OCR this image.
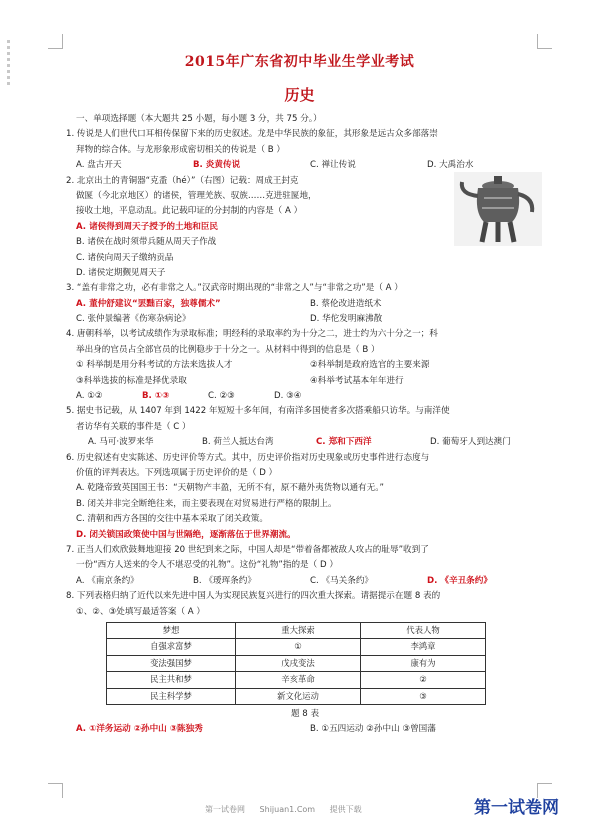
2015年广东省初中毕业生学业考试
历史
一、单项选择题（本大题共 25 小题，每小题 3 分，共 75 分。）
1. 传说是人们世代口耳相传保留下来的历史叙述。龙是中华民族的象征，其形象是远古众多部落崇
拜物的综合体。与龙形象形成密切相关的传说是（ B ）
A. 盘古开天	B. 炎黄传说	C. 禅让传说	D. 大禹治水
2. 北京出土的青铜器“克盉（hé）”（右图）记载：周成王封克
做匽（今北京地区）的诸侯，管理羌族、驭族……克进驻匽地，
接收土地，平息动乱。此记载印证的分封制的内容是（ A ）
A. 诸侯得到周天子授予的土地和臣民
B. 诸侯在战时须带兵随从周天子作战
C. 诸侯向周天子缴纳贡品
D. 诸侯定期觐见周天子
3. “盖有非常之功，必有非常之人。”汉武帝时期出现的“非常之人”与“非常之功”是（ A ）
A. 董仲舒建议“罢黜百家，独尊儒术”	B. 蔡伦改进造纸术
C. 张仲景编著《伤寒杂病论》	D. 华佗发明麻沸散
4. 唐朝科举，以考试成绩作为录取标准；明经科的录取率约为十分之二，进士约为六十分之一；科
举出身的官员占全部官员的比例稳步于十分之一。从材料中得到的信息是（ B ）
① 科举制是用分科考试的方法来选拔人才	②科举制是政府选官的主要来源
③科举选拔的标准是择优录取	④科举考试基本年年进行
A. ①②	B. ①③	C. ②③	D. ③④
5. 据史书记载，从 1407 年到 1422 年短短十多年间，有南洋多国使者多次搭乘船只访华。与南洋使
者访华有关联的事件是（ C ）
A. 马可·波罗来华	B. 荷兰人抵达台湾	C. 郑和下西洋	D. 葡萄牙人到达澳门
6. 历史叙述有史实陈述、历史评价等方式。其中，历史评价指对历史现象或历史事件进行态度与
价值的评判表达。下列选项属于历史评价的是（ D ）
A. 乾隆帝致英国国王书：“天朝物产丰盈，无所不有，原不藉外夷货物以通有无。”
B. 闭关并非完全断绝往来，而主要表现在对贸易进行严格的限制上。
C. 清朝和西方各国的交往中基本采取了闭关政策。
D. 闭关锁国政策使中国与世隔绝，逐渐落伍于世界潮流。
7. 正当人们欢欣鼓舞地迎接 20 世纪到来之际，中国人却是“带着备都被敌人攻占的耻辱”收到了
一份“西方人送来的令人不堪忍受的礼物”。这份“礼物”指的是（ D ）
A. 《南京条约》	B. 《瑷珲条约》	C. 《马关条约》	D. 《辛丑条约》
8. 下列表格归纳了近代以来先进中国人为实现民族复兴进行的四次重大探索。请据提示在题 8 表的
①、②、③处填写最适答案（ A ）
梦想	重大探索	代表人物
自强求富梦	①	李鸿章
变法强国梦	戊戌变法	康有为
民主共和梦	辛亥革命	②
民主科学梦	新文化运动	③
题 8 表
A. ①洋务运动 ②孙中山 ③陈独秀	B. ①五四运动 ②孙中山 ③曾国藩
第一试卷网 Shijuan1.Com 提供下载	第一试卷网
